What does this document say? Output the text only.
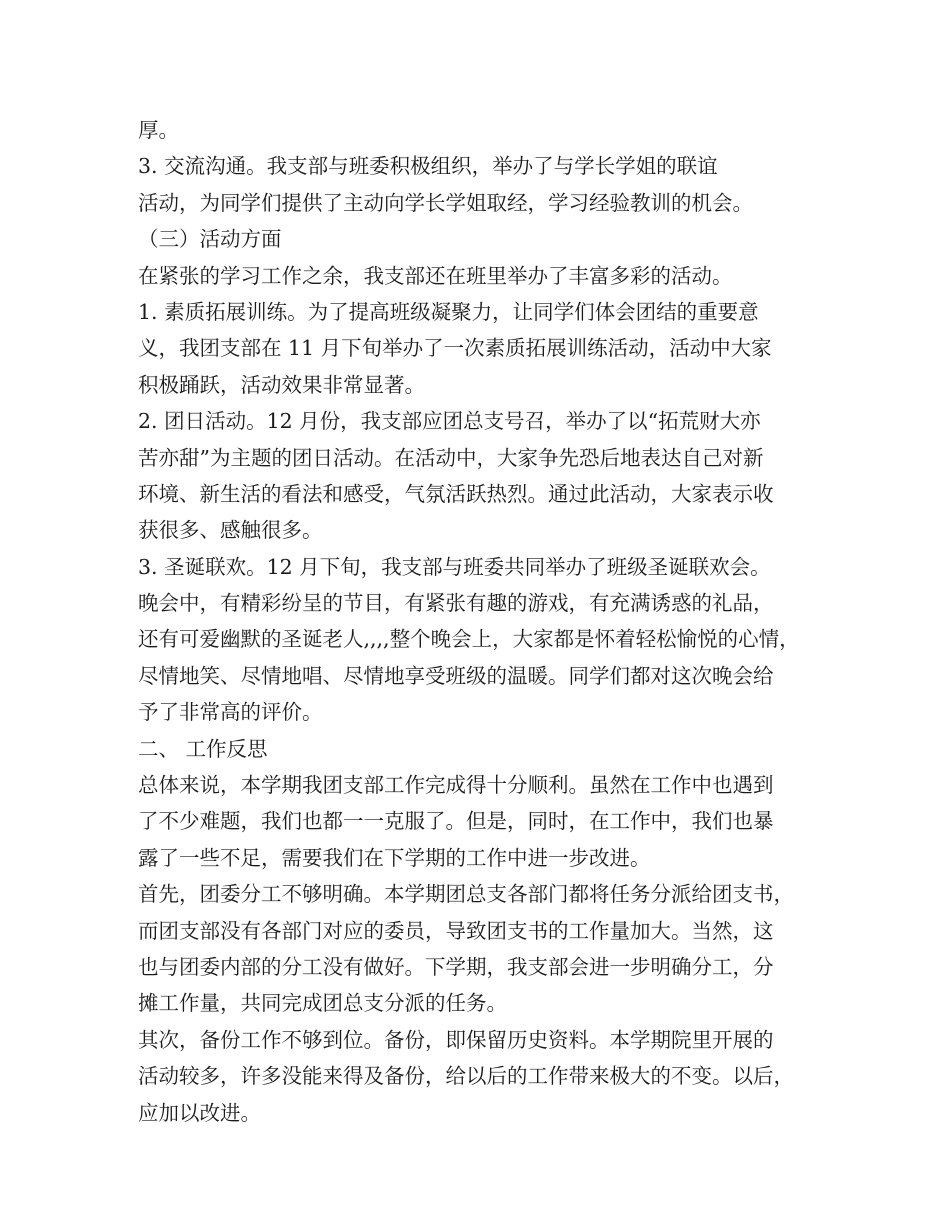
厚。
3. 交流沟通。我支部与班委积极组织，举办了与学长学姐的联谊
活动，为同学们提供了主动向学长学姐取经，学习经验教训的机会。
（三）活动方面
在紧张的学习工作之余，我支部还在班里举办了丰富多彩的活动。
1. 素质拓展训练。为了提高班级凝聚力，让同学们体会团结的重要意
义，我团支部在 11 月下旬举办了一次素质拓展训练活动，活动中大家
积极踊跃，活动效果非常显著。
2. 团日活动。12 月份，我支部应团总支号召，举办了以“拓荒财大亦
苦亦甜”为主题的团日活动。在活动中，大家争先恐后地表达自己对新
环境、新生活的看法和感受，气氛活跃热烈。通过此活动，大家表示收
获很多、感触很多。
3. 圣诞联欢。12 月下旬，我支部与班委共同举办了班级圣诞联欢会。
晚会中，有精彩纷呈的节目，有紧张有趣的游戏，有充满诱惑的礼品，
还有可爱幽默的圣诞老人,,,,整个晚会上，大家都是怀着轻松愉悦的心情，
尽情地笑、尽情地唱、尽情地享受班级的温暖。同学们都对这次晚会给
予了非常高的评价。
二、 工作反思
总体来说，本学期我团支部工作完成得十分顺利。虽然在工作中也遇到
了不少难题，我们也都一一克服了。但是，同时，在工作中，我们也暴
露了一些不足，需要我们在下学期的工作中进一步改进。
首先，团委分工不够明确。本学期团总支各部门都将任务分派给团支书，
而团支部没有各部门对应的委员，导致团支书的工作量加大。当然，这
也与团委内部的分工没有做好。下学期，我支部会进一步明确分工，分
摊工作量，共同完成团总支分派的任务。
其次，备份工作不够到位。备份，即保留历史资料。本学期院里开展的
活动较多，许多没能来得及备份，给以后的工作带来极大的不变。以后，
应加以改进。
